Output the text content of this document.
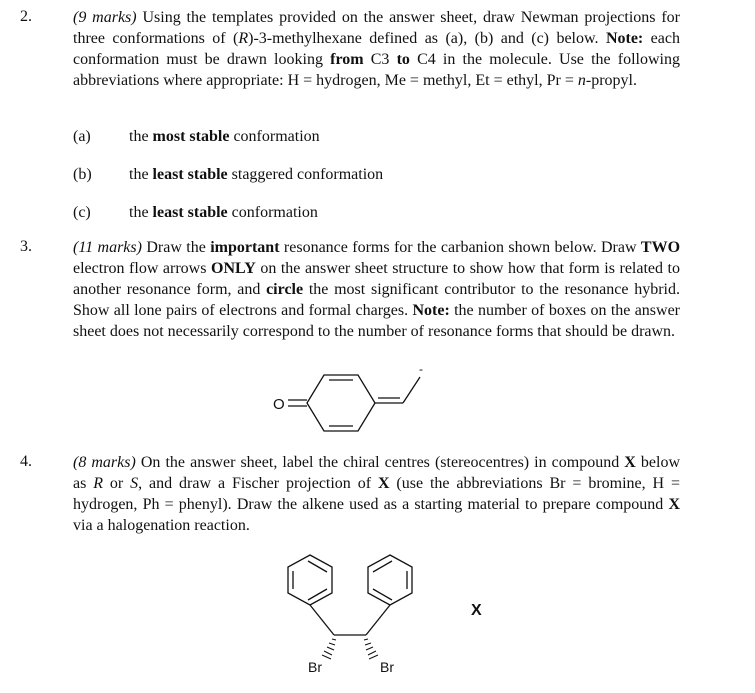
2.	(9 marks) Using the templates provided on the answer sheet, draw Newman projections for three conformations of (R)-3-methylhexane defined as (a), (b) and (c) below. Note: each conformation must be drawn looking from C3 to C4 in the molecule. Use the following abbreviations where appropriate: H = hydrogen, Me = methyl, Et = ethyl, Pr = n-propyl.
(a) the most stable conformation
(b) the least stable staggered conformation
(c) the least stable conformation
3.	(11 marks) Draw the important resonance forms for the carbanion shown below. Draw TWO electron flow arrows ONLY on the answer sheet structure to show how that form is related to another resonance form, and circle the most significant contributor to the resonance hybrid. Show all lone pairs of electrons and formal charges. Note: the number of boxes on the answer sheet does not necessarily correspond to the number of resonance forms that should be drawn.
O
-
4.	(8 marks) On the answer sheet, label the chiral centres (stereocentres) in compound X below as R or S, and draw a Fischer projection of X (use the abbreviations Br = bromine, H = hydrogen, Ph = phenyl). Draw the alkene used as a starting material to prepare compound X via a halogenation reaction.
Br	Br
X
